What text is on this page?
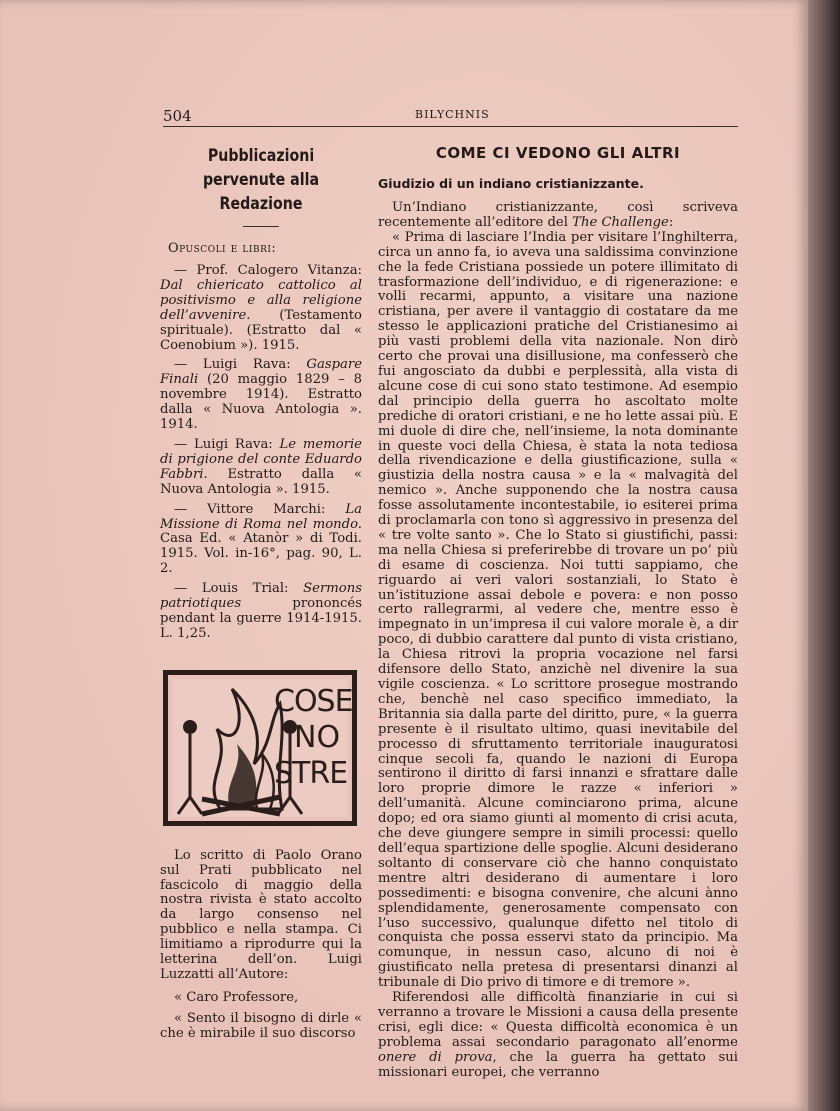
504	BILYCHNIS

Pubblicazioni

pervenute alla Redazione

Opuscoli e libri:

— Prof. Calogero Vitanza: Dal chiericato cattolico al positivismo e alla religione dell’avvenire. (Testamento spirituale). (Estratto dal « Coenobium »). 1915.

— Luigi Rava: Gaspare Finali (20 maggio 1829 – 8 novembre 1914). Estratto dalla « Nuova Antologia ». 1914.

— Luigi Rava: Le memorie di prigione del conte Eduardo Fabbri. Estratto dalla « Nuova Antologia ». 1915.

— Vittore Marchi: La Missione di Roma nel mondo. Casa Ed. « Atanòr » di Todi. 1915. Vol. in-16°, pag. 90, L. 2.

— Louis Trial: Sermons patriotiques prononcés pendant la guerre 1914-1915. L. 1,25.

COSE
NO
STRE

Lo scritto di Paolo Orano sul Prati pubblicato nel fascicolo di maggio della nostra rivista è stato accolto da largo consenso nel pubblico e nella stampa. Ci limitiamo a riprodurre qui la letterina dell’on. Luigi Luzzatti all’Autore:

« Caro Professore,

« Sento il bisogno di dirle « che è mirabile il suo discorso

COME CI VEDONO GLI ALTRI

Giudizio di un indiano cristianizzante.

Un’Indiano cristianizzante, così scriveva recentemente all’editore del The Challenge:

« Prima di lasciare l’India per visitare l’Inghilterra, circa un anno fa, io aveva una saldissima convinzione che la fede Cristiana possiede un potere illimitato di trasformazione dell’individuo, e di rigenerazione: e volli recarmi, appunto, a visitare una nazione cristiana, per avere il vantaggio di costatare da me stesso le applicazioni pratiche del Cristianesimo ai più vasti problemi della vita nazionale. Non dirò certo che provai una disillusione, ma confesserò che fui angosciato da dubbi e perplessità, alla vista di alcune cose di cui sono stato testimone. Ad esempio dal principio della guerra ho ascoltato molte prediche di oratori cristiani, e ne ho lette assai più. E mi duole di dire che, nell’insieme, la nota dominante in queste voci della Chiesa, è stata la nota tediosa della rivendicazione e della giustificazione, sulla « giustizia della nostra causa » e la « malvagità del nemico ». Anche supponendo che la nostra causa fosse assolutamente incontestabile, io esiterei prima di proclamarla con tono sì aggressivo in presenza del « tre volte santo ». Che lo Stato si giustifichi, passi: ma nella Chiesa si preferirebbe di trovare un po’ più di esame di coscienza. Noi tutti sappiamo, che riguardo ai veri valori sostanziali, lo Stato è un’istituzione assai debole e povera: e non posso certo rallegrarmi, al vedere che, mentre esso è impegnato in un’impresa il cui valore morale è, a dir poco, di dubbio carattere dal punto di vista cristiano, la Chiesa ritrovi la propria vocazione nel farsi difensore dello Stato, anzichè nel divenire la sua vigile coscienza. « Lo scrittore prosegue mostrando che, benchè nel caso specifico immediato, la Britannia sia dalla parte del diritto, pure, « la guerra presente è il risultato ultimo, quasi inevitabile del processo di sfruttamento territoriale inauguratosi cinque secoli fa, quando le nazioni di Europa sentirono il diritto di farsi innanzi e sfrattare dalle loro proprie dimore le razze « inferiori » dell’umanità. Alcune cominciarono prima, alcune dopo; ed ora siamo giunti al momento di crisi acuta, che deve giungere sempre in simili processi: quello dell’equa spartizione delle spoglie. Alcuni desiderano soltanto di conservare ciò che hanno conquistato mentre altri desiderano di aumentare i loro possedimenti: e bisogna convenire, che alcuni ànno splendidamente, generosamente compensato con l’uso successivo, qualunque difetto nel titolo di conquista che possa esservi stato da principio. Ma comunque, in nessun caso, alcuno di noi è giustificato nella pretesa di presentarsi dinanzi al tribunale di Dio privo di timore e di tremore ».

Riferendosi alle difficoltà finanziarie in cui si verranno a trovare le Missioni a causa della presente crisi, egli dice: « Questa difficoltà economica è un problema assai secondario paragonato all’enorme onere di prova, che la guerra ha gettato sui missionari europei, che verranno
